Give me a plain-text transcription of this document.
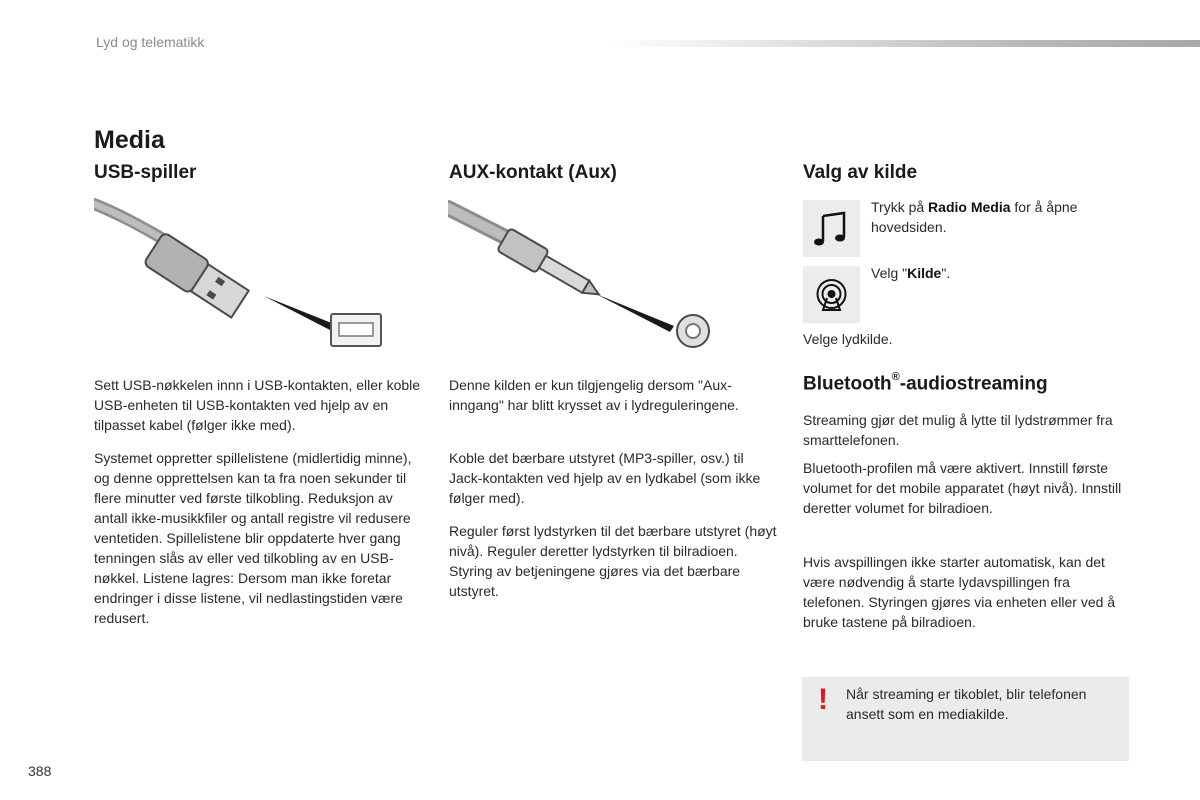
Lyd og telematikk
Media
USB-spiller
Sett USB-nøkkelen innn i USB-kontakten, eller koble USB-enheten til USB-kontakten ved hjelp av en tilpasset kabel (følger ikke med).
Systemet oppretter spillelistene (midlertidig minne), og denne opprettelsen kan ta fra noen sekunder til flere minutter ved første tilkobling. Reduksjon av antall ikke-musikkfiler og antall registre vil redusere ventetiden. Spillelistene blir oppdaterte hver gang tenningen slås av eller ved tilkobling av en USB-nøkkel. Listene lagres: Dersom man ikke foretar endringer i disse listene, vil nedlastingstiden være redusert.
AUX-kontakt (Aux)
Denne kilden er kun tilgjengelig dersom "Aux-inngang" har blitt krysset av i lydreguleringene.
Koble det bærbare utstyret (MP3-spiller, osv.) til Jack-kontakten ved hjelp av en lydkabel (som ikke følger med).
Reguler først lydstyrken til det bærbare utstyret (høyt nivå). Reguler deretter lydstyrken til bilradioen. Styring av betjeningene gjøres via det bærbare utstyret.
Valg av kilde
Trykk på Radio Media for å åpne hovedsiden.
Velg "Kilde".
Velge lydkilde.
Bluetooth®-audiostreaming
Streaming gjør det mulig å lytte til lydstrømmer fra smarttelefonen.
Bluetooth-profilen må være aktivert. Innstill første volumet for det mobile apparatet (høyt nivå). Innstill deretter volumet for bilradioen.
Hvis avspillingen ikke starter automatisk, kan det være nødvendig å starte lydavspillingen fra telefonen. Styringen gjøres via enheten eller ved å bruke tastene på bilradioen.
! Når streaming er tikoblet, blir telefonen ansett som en mediakilde.
388
